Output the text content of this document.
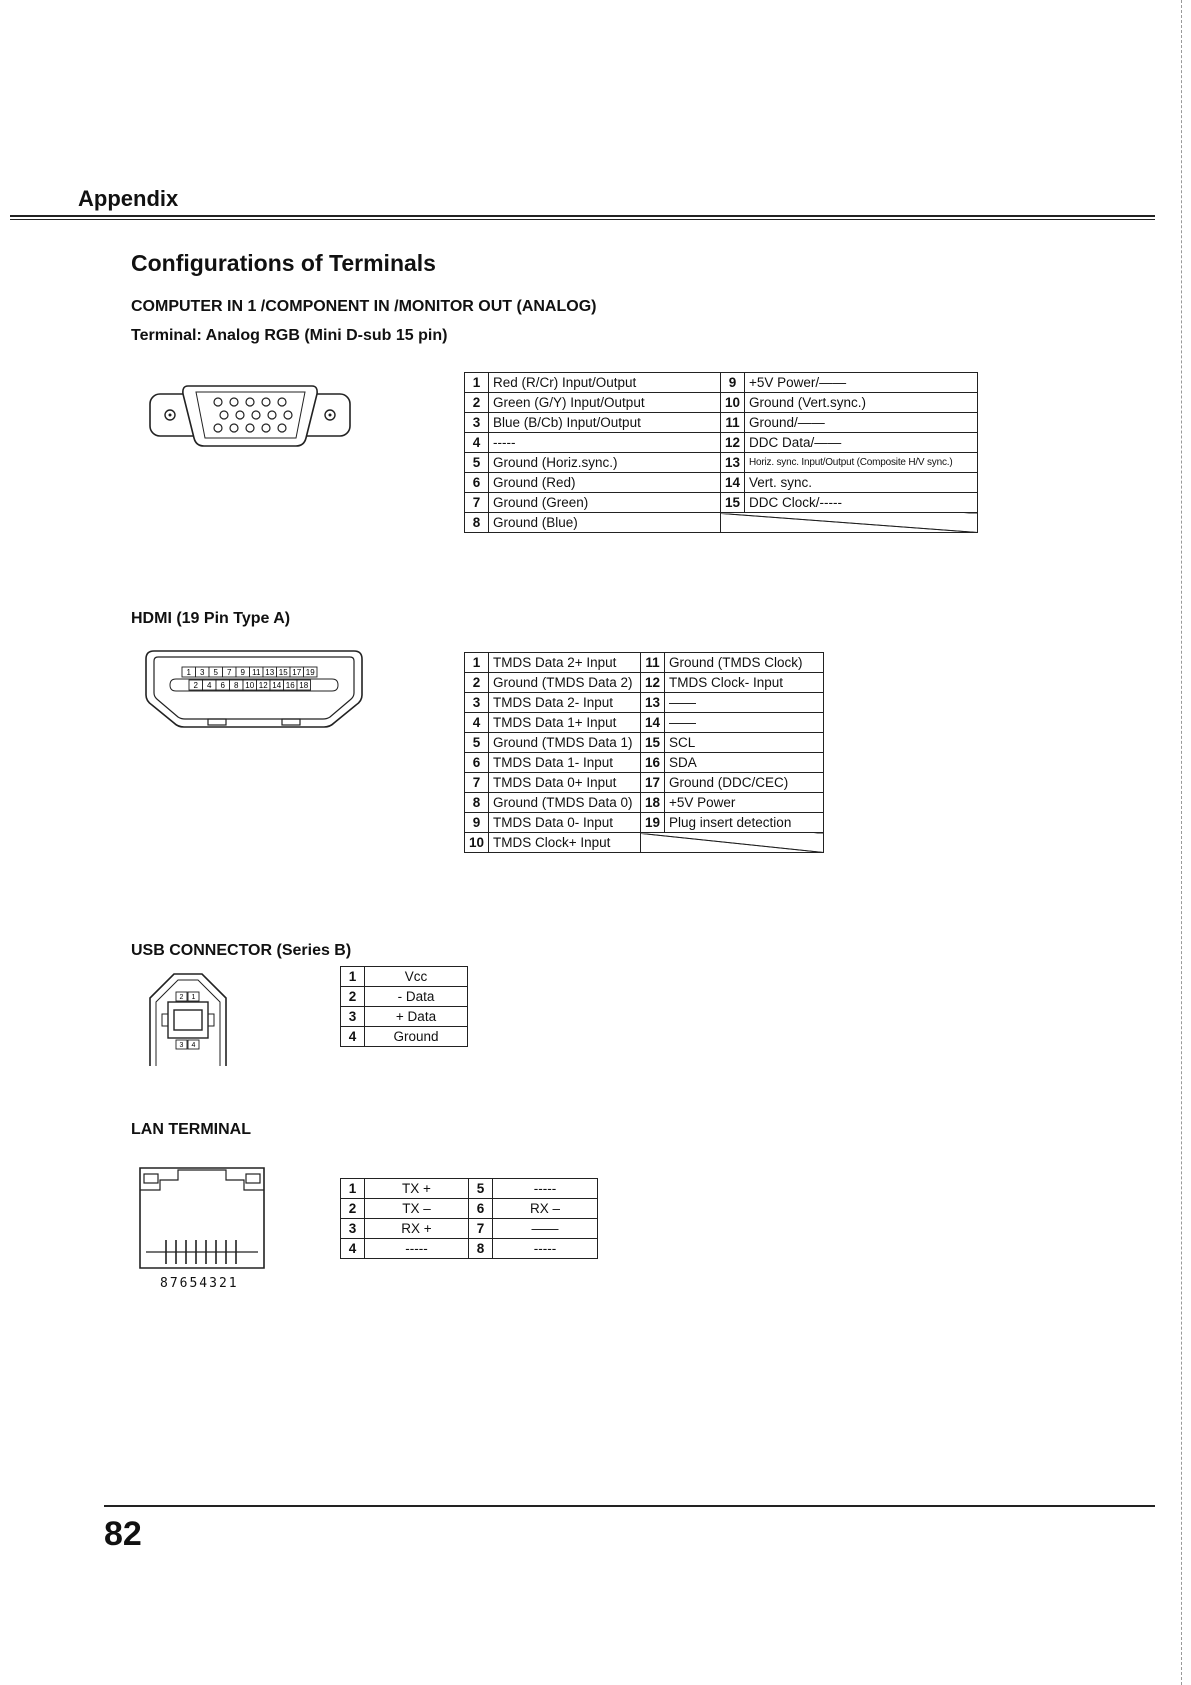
Appendix
Configurations of Terminals
COMPUTER IN 1 /COMPONENT IN /MONITOR OUT (ANALOG)
Terminal: Analog RGB (Mini D-sub 15 pin)
1	Red (R/Cr) Input/Output	9	+5V Power/——
2	Green (G/Y) Input/Output	10	Ground (Vert.sync.)
3	Blue (B/Cb) Input/Output	11	Ground/——
4	-----	12	DDC Data/——
5	Ground (Horiz.sync.)	13	Horiz. sync. Input/Output (Composite H/V sync.)
6	Ground (Red)	14	Vert. sync.
7	Ground (Green)	15	DDC Clock/-----
8	Ground (Blue)		
HDMI (19 Pin Type A)
1 3 5 7 9 11 13 15 17 19
2 4 6 8 10 12 14 16 18
1	TMDS Data 2+ Input	11	Ground (TMDS Clock)
2	Ground (TMDS Data 2)	12	TMDS Clock- Input
3	TMDS Data 2- Input	13	——
4	TMDS Data 1+ Input	14	——
5	Ground (TMDS Data 1)	15	SCL
6	TMDS Data 1- Input	16	SDA
7	TMDS Data 0+ Input	17	Ground (DDC/CEC)
8	Ground (TMDS Data 0)	18	+5V Power
9	TMDS Data 0- Input	19	Plug insert detection
10	TMDS Clock+ Input		
USB CONNECTOR (Series B)
2 1
3 4
1	Vcc
2	- Data
3	+ Data
4	Ground
LAN TERMINAL
87654321
1	TX +	5	-----
2	TX –	6	RX –
3	RX +	7	——
4	-----	8	-----
82
